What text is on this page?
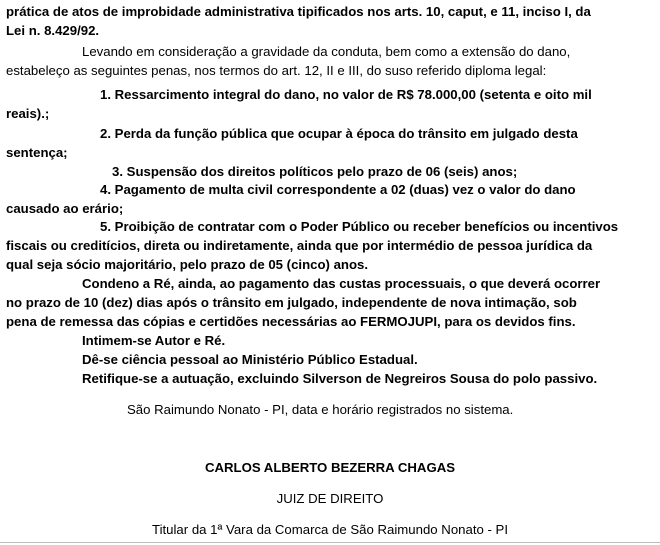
prática de atos de improbidade administrativa tipificados nos arts. 10, caput, e 11, inciso I, da
Lei n. 8.429/92.
Levando em consideração a gravidade da conduta, bem como a extensão do dano,
estabeleço as seguintes penas, nos termos do art. 12, II e III, do suso referido diploma legal:
1. Ressarcimento integral do dano, no valor de R$ 78.000,00 (setenta e oito mil
reais).;
2. Perda da função pública que ocupar à época do trânsito em julgado desta
sentença;
3. Suspensão dos direitos políticos pelo prazo de 06 (seis) anos;
4. Pagamento de multa civil correspondente a 02 (duas) vez o valor do dano
causado ao erário;
5. Proibição de contratar com o Poder Público ou receber benefícios ou incentivos
fiscais ou creditícios, direta ou indiretamente, ainda que por intermédio de pessoa jurídica da
qual seja sócio majoritário, pelo prazo de 05 (cinco) anos.
Condeno a Ré, ainda, ao pagamento das custas processuais, o que deverá ocorrer
no prazo de 10 (dez) dias após o trânsito em julgado, independente de nova intimação, sob
pena de remessa das cópias e certidões necessárias ao FERMOJUPI, para os devidos fins.
Intimem-se Autor e Ré.
Dê-se ciência pessoal ao Ministério Público Estadual.
Retifique-se a autuação, excluindo Silverson de Negreiros Sousa do polo passivo.
São Raimundo Nonato - PI, data e horário registrados no sistema.
CARLOS ALBERTO BEZERRA CHAGAS
JUIZ DE DIREITO
Titular da 1ª Vara da Comarca de São Raimundo Nonato - PI
